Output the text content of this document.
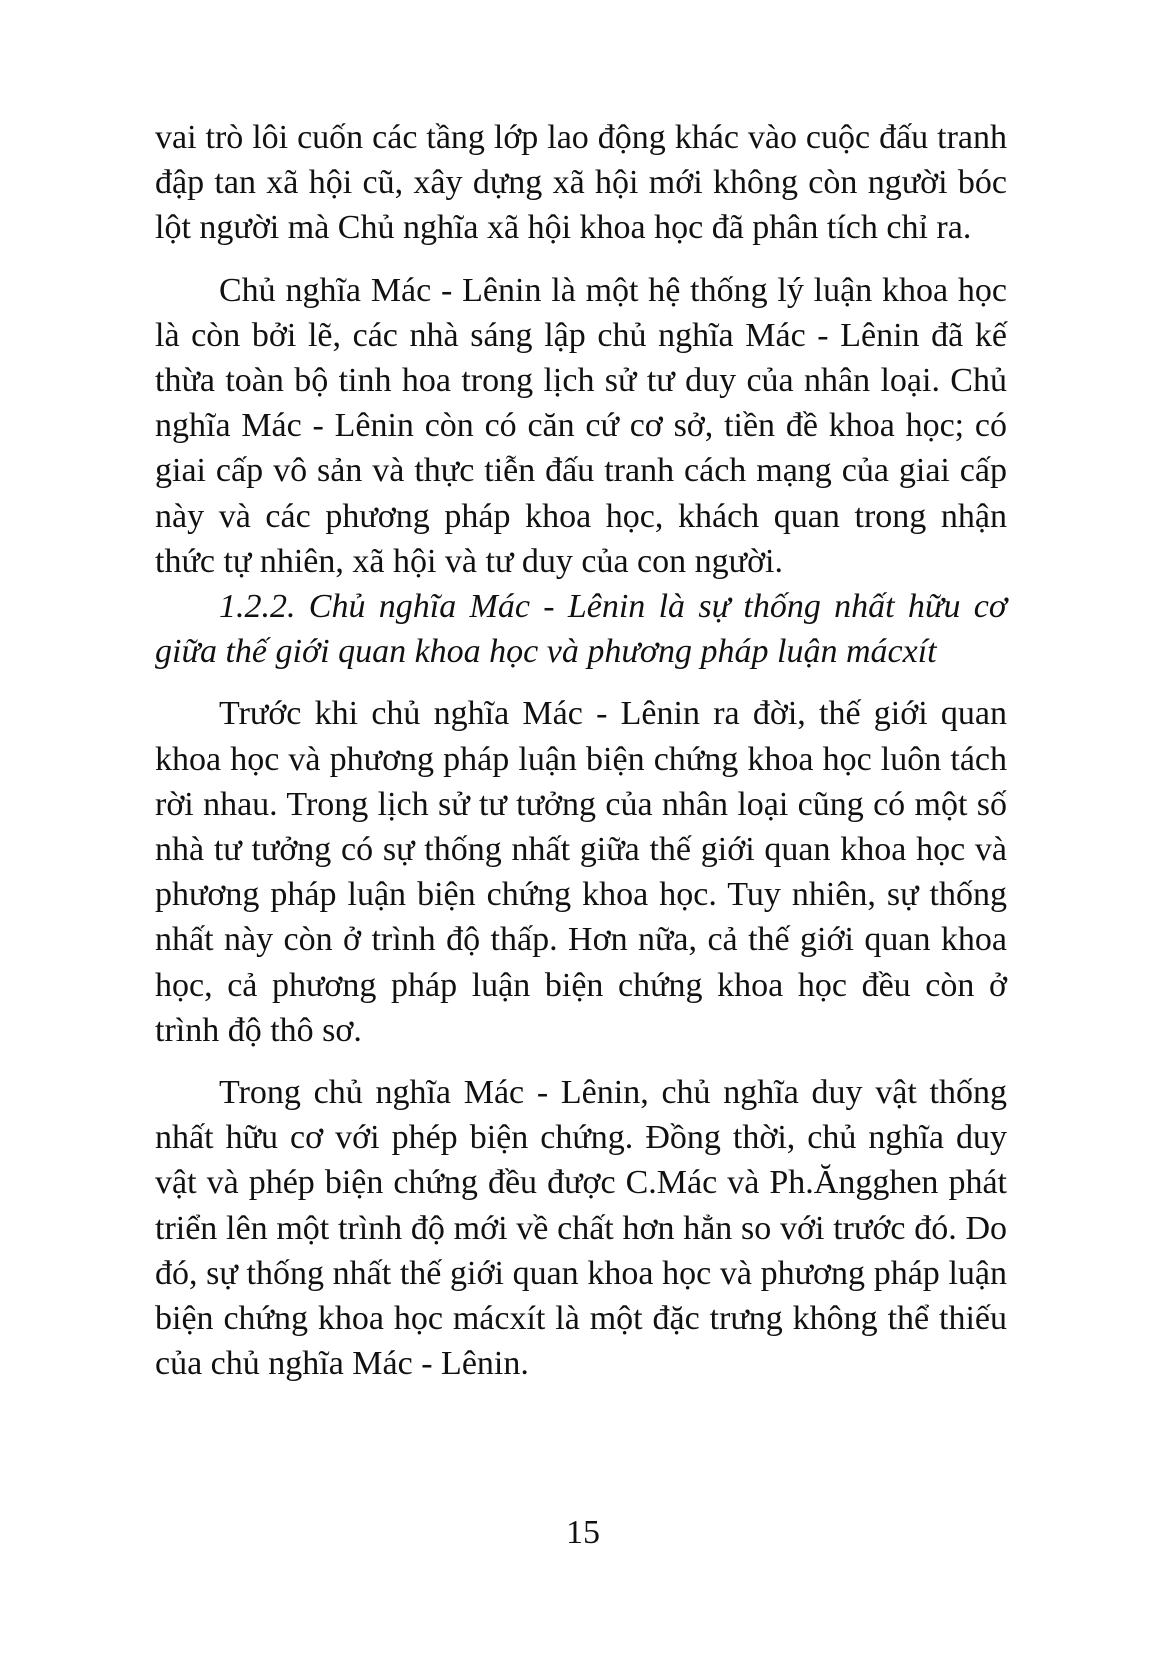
vai trò lôi cuốn các tầng lớp lao động khác vào cuộc đấu tranh đập tan xã hội cũ, xây dựng xã hội mới không còn người bóc lột người mà Chủ nghĩa xã hội khoa học đã phân tích chỉ ra.

Chủ nghĩa Mác - Lênin là một hệ thống lý luận khoa học là còn bởi lẽ, các nhà sáng lập chủ nghĩa Mác - Lênin đã kế thừa toàn bộ tinh hoa trong lịch sử tư duy của nhân loại. Chủ nghĩa Mác - Lênin còn có căn cứ cơ sở, tiền đề khoa học; có giai cấp vô sản và thực tiễn đấu tranh cách mạng của giai cấp này và các phương pháp khoa học, khách quan trong nhận thức tự nhiên, xã hội và tư duy của con người.

1.2.2. Chủ nghĩa Mác - Lênin là sự thống nhất hữu cơ giữa thế giới quan khoa học và phương pháp luận mácxít

Trước khi chủ nghĩa Mác - Lênin ra đời, thế giới quan khoa học và phương pháp luận biện chứng khoa học luôn tách rời nhau. Trong lịch sử tư tưởng của nhân loại cũng có một số nhà tư tưởng có sự thống nhất giữa thế giới quan khoa học và phương pháp luận biện chứng khoa học. Tuy nhiên, sự thống nhất này còn ở trình độ thấp. Hơn nữa, cả thế giới quan khoa học, cả phương pháp luận biện chứng khoa học đều còn ở trình độ thô sơ.

Trong chủ nghĩa Mác - Lênin, chủ nghĩa duy vật thống nhất hữu cơ với phép biện chứng. Đồng thời, chủ nghĩa duy vật và phép biện chứng đều được C.Mác và Ph.Ăngghen phát triển lên một trình độ mới về chất hơn hẳn so với trước đó. Do đó, sự thống nhất thế giới quan khoa học và phương pháp luận biện chứng khoa học mácxít là một đặc trưng không thể thiếu của chủ nghĩa Mác - Lênin.

15
